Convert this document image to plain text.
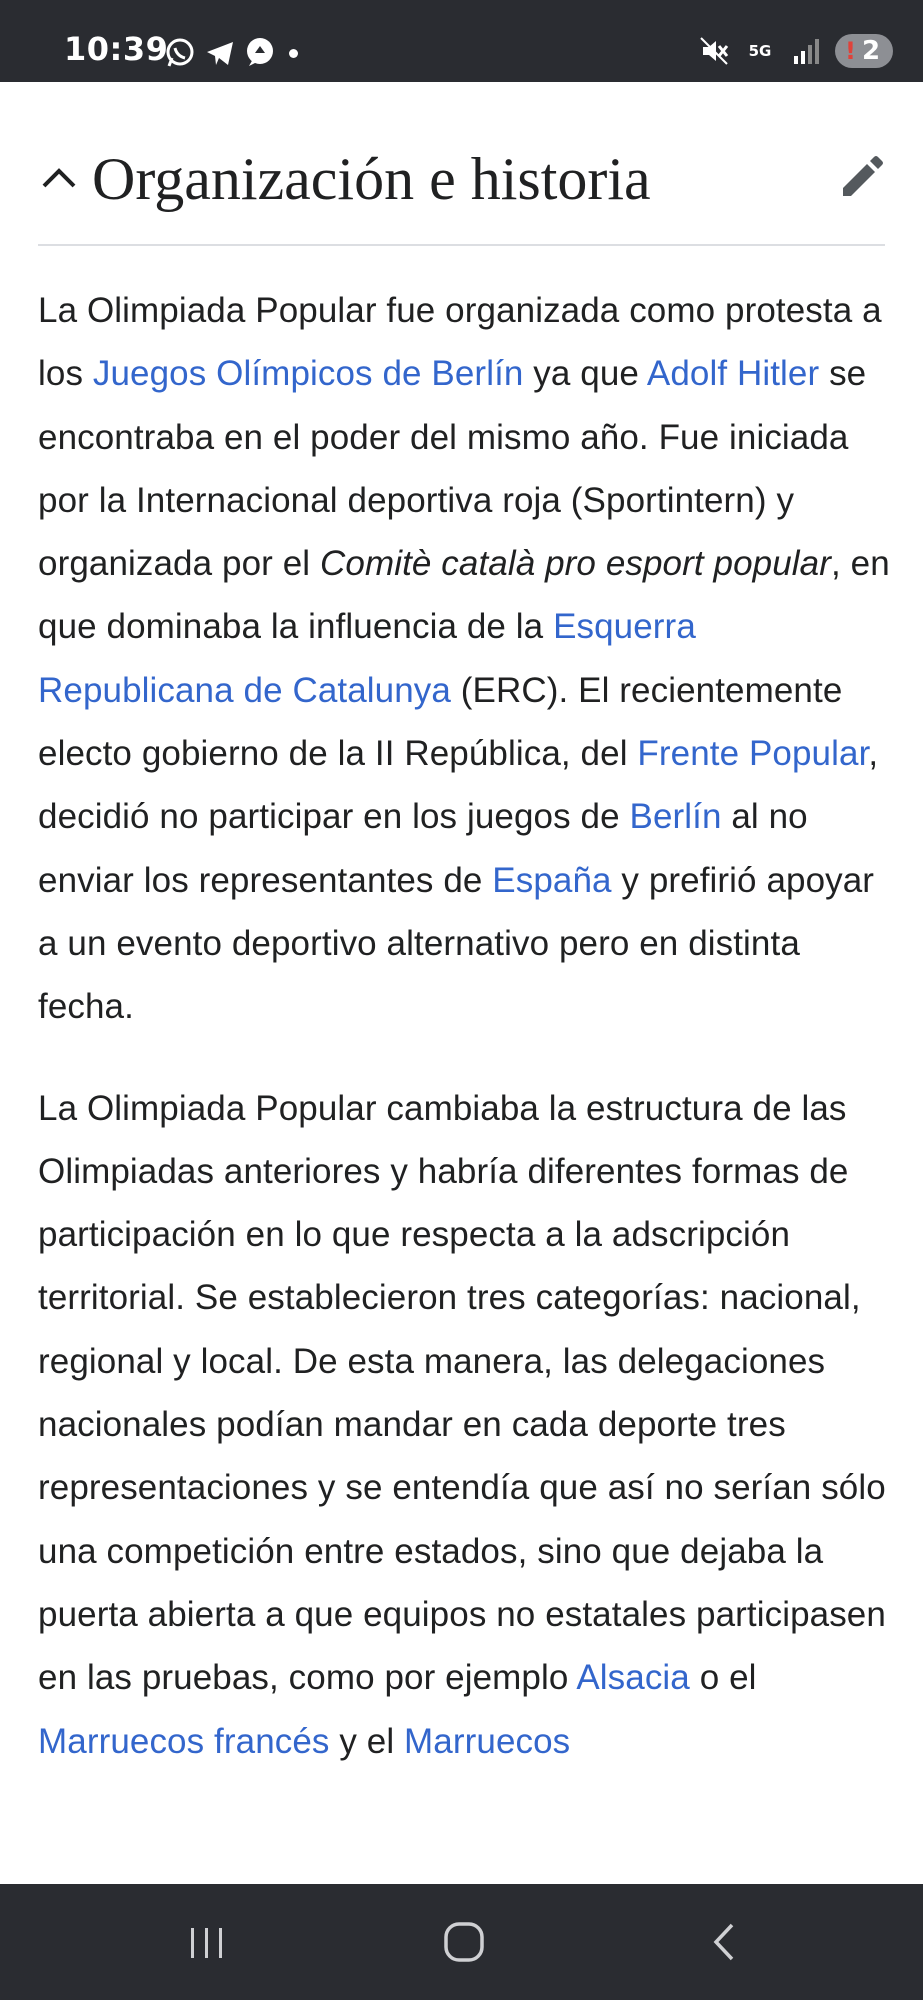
10:39	5G	! 2
Organización e historia

La Olimpiada Popular fue organizada como protesta a los Juegos Olímpicos de Berlín ya que Adolf Hitler se encontraba en el poder del mismo año. Fue iniciada por la Internacional deportiva roja (Sportintern) y organizada por el Comitè català pro esport popular, en que dominaba la influencia de la Esquerra Republicana de Catalunya (ERC). El recientemente electo gobierno de la II República, del Frente Popular, decidió no participar en los juegos de Berlín al no enviar los representantes de España y prefirió apoyar a un evento deportivo alternativo pero en distinta fecha.

La Olimpiada Popular cambiaba la estructura de las Olimpiadas anteriores y habría diferentes formas de participación en lo que respecta a la adscripción territorial. Se establecieron tres categorías: nacional, regional y local. De esta manera, las delegaciones nacionales podían mandar en cada deporte tres representaciones y se entendía que así no serían sólo una competición entre estados, sino que dejaba la puerta abierta a que equipos no estatales participasen en las pruebas, como por ejemplo Alsacia o el Marruecos francés y el Marruecos
